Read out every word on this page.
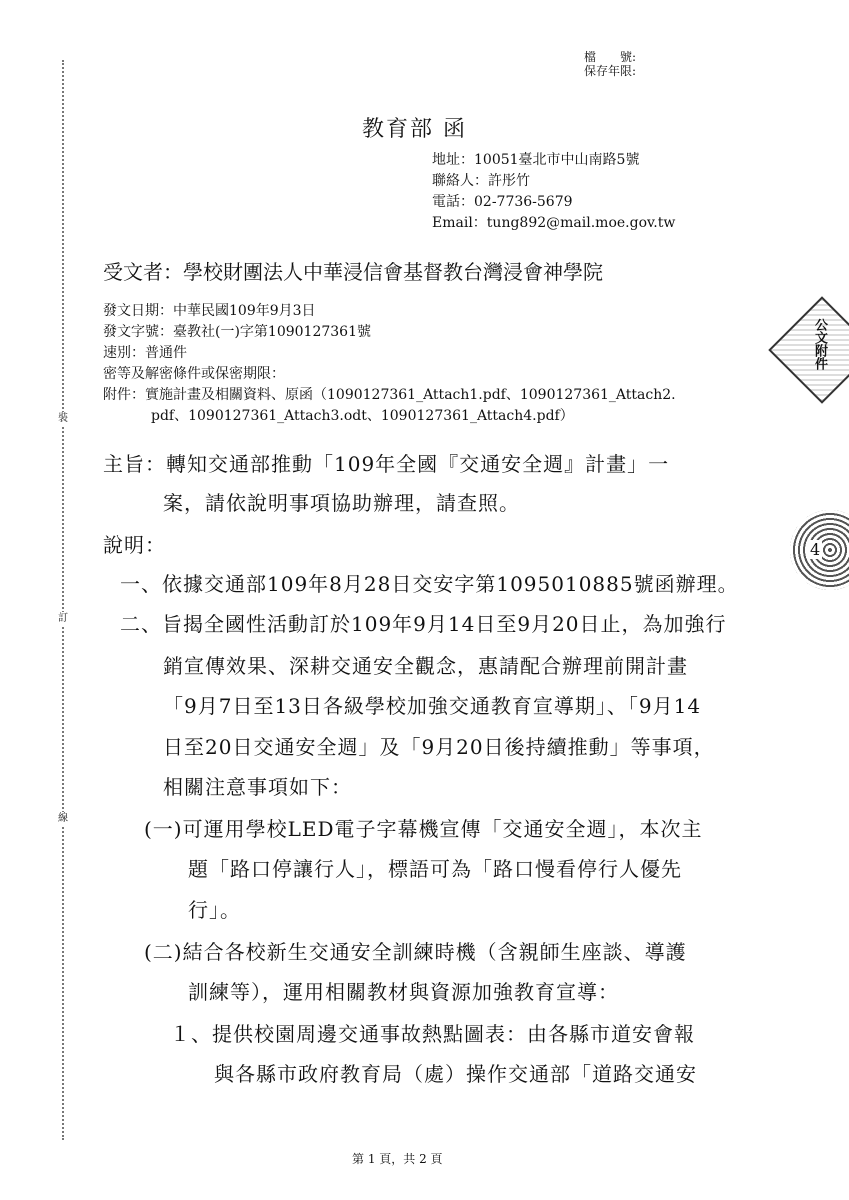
裝
訂
線
檔　　號:
保存年限:
教育部 函
地址：10051臺北市中山南路5號
聯絡人：許彤竹
電話：02-7736-5679
Email：tung892@mail.moe.gov.tw
受文者：學校財團法人中華浸信會基督教台灣浸會神學院
發文日期：中華民國109年9月3日
發文字號：臺教社(一)字第1090127361號
速別：普通件
密等及解密條件或保密期限：
附件：實施計畫及相關資料、原函（1090127361_Attach1.pdf、1090127361_Attach2.
pdf、1090127361_Attach3.odt、1090127361_Attach4.pdf）
主旨：轉知交通部推動「109年全國『交通安全週』計畫」一
案，請依說明事項協助辦理，請查照。
說明：
一、依據交通部109年8月28日交安字第1095010885號函辦理。
二、旨揭全國性活動訂於109年9月14日至9月20日止，為加強行
銷宣傳效果、深耕交通安全觀念，惠請配合辦理前開計畫
「9月7日至13日各級學校加強交通教育宣導期」、「9月14
日至20日交通安全週」及「9月20日後持續推動」等事項，
相關注意事項如下：
(一)可運用學校LED電子字幕機宣傳「交通安全週」，本次主
題「路口停讓行人」，標語可為「路口慢看停行人優先
行」。
(二)結合各校新生交通安全訓練時機（含親師生座談、導護
訓練等），運用相關教材與資源加強教育宣導：
１、提供校園周邊交通事故熱點圖表：由各縣市道安會報
與各縣市政府教育局（處）操作交通部「道路交通安
公文附件
4
第 1 頁，共 2 頁
